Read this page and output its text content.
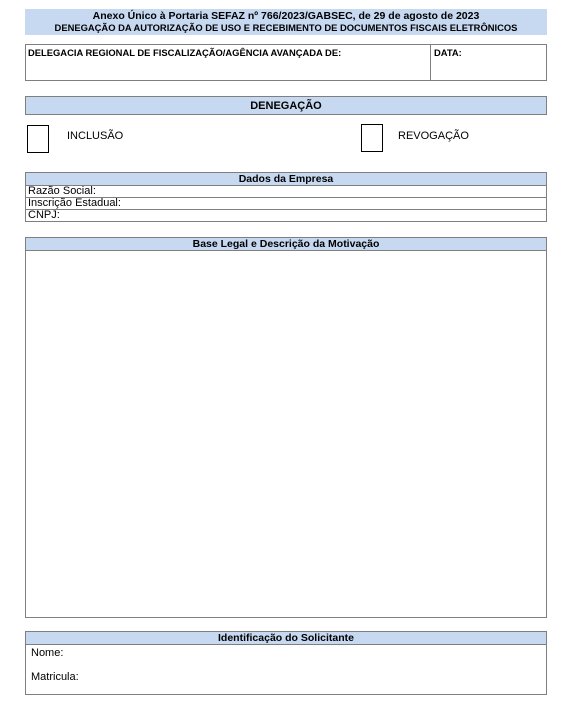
Anexo Único à Portaria SEFAZ nº 766/2023/GABSEC, de 29 de agosto de 2023
DENEGAÇÃO DA AUTORIZAÇÃO DE USO E RECEBIMENTO DE DOCUMENTOS FISCAIS ELETRÔNICOS
DELEGACIA REGIONAL DE FISCALIZAÇÃO/AGÊNCIA AVANÇADA DE:	DATA:
DENEGAÇÃO
INCLUSÃO	REVOGAÇÃO
Dados da Empresa
Razão Social:
Inscrição Estadual:
CNPJ:
Base Legal e Descrição da Motivação
Identificação do Solicitante
Nome:
Matricula:
